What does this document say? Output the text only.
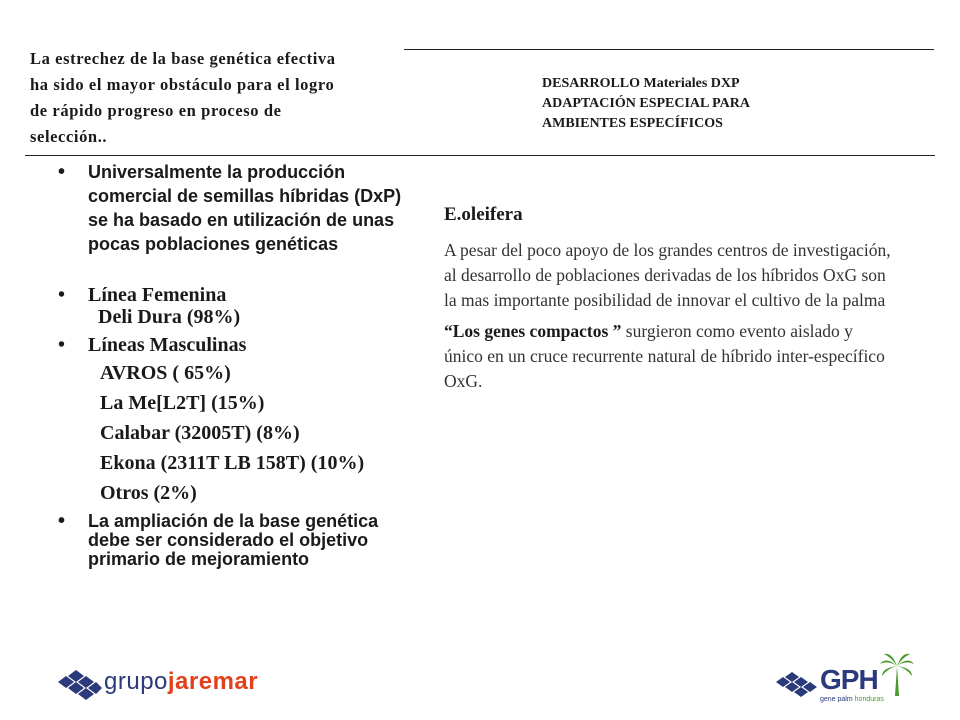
La estrechez de la base genética efectiva
ha sido el mayor obstáculo para el logro
de rápido progreso en proceso de
selección..
DESARROLLO Materiales DXP
ADAPTACIÓN ESPECIAL PARA
AMBIENTES ESPECÍFICOS
• Universalmente la producción comercial de semillas híbridas (DxP) se ha basado en utilización de unas pocas poblaciones genéticas
• Línea Femenina
Deli Dura (98%)
• Líneas Masculinas
AVROS ( 65%)
La Me[L2T] (15%)
Calabar (32005T) (8%)
Ekona (2311T LB 158T) (10%)
Otros (2%)
• La ampliación de la base genética debe ser considerado el objetivo primario de mejoramiento
E.oleifera
A pesar del poco apoyo de los grandes centros de investigación, al desarrollo de poblaciones derivadas de los híbridos OxG son la mas importante posibilidad de innovar el cultivo de la palma
“Los genes compactos ” surgieron como evento aislado y único en un cruce recurrente natural de híbrido inter-específico OxG.
grupojaremar	GPH
gene palm honduras
